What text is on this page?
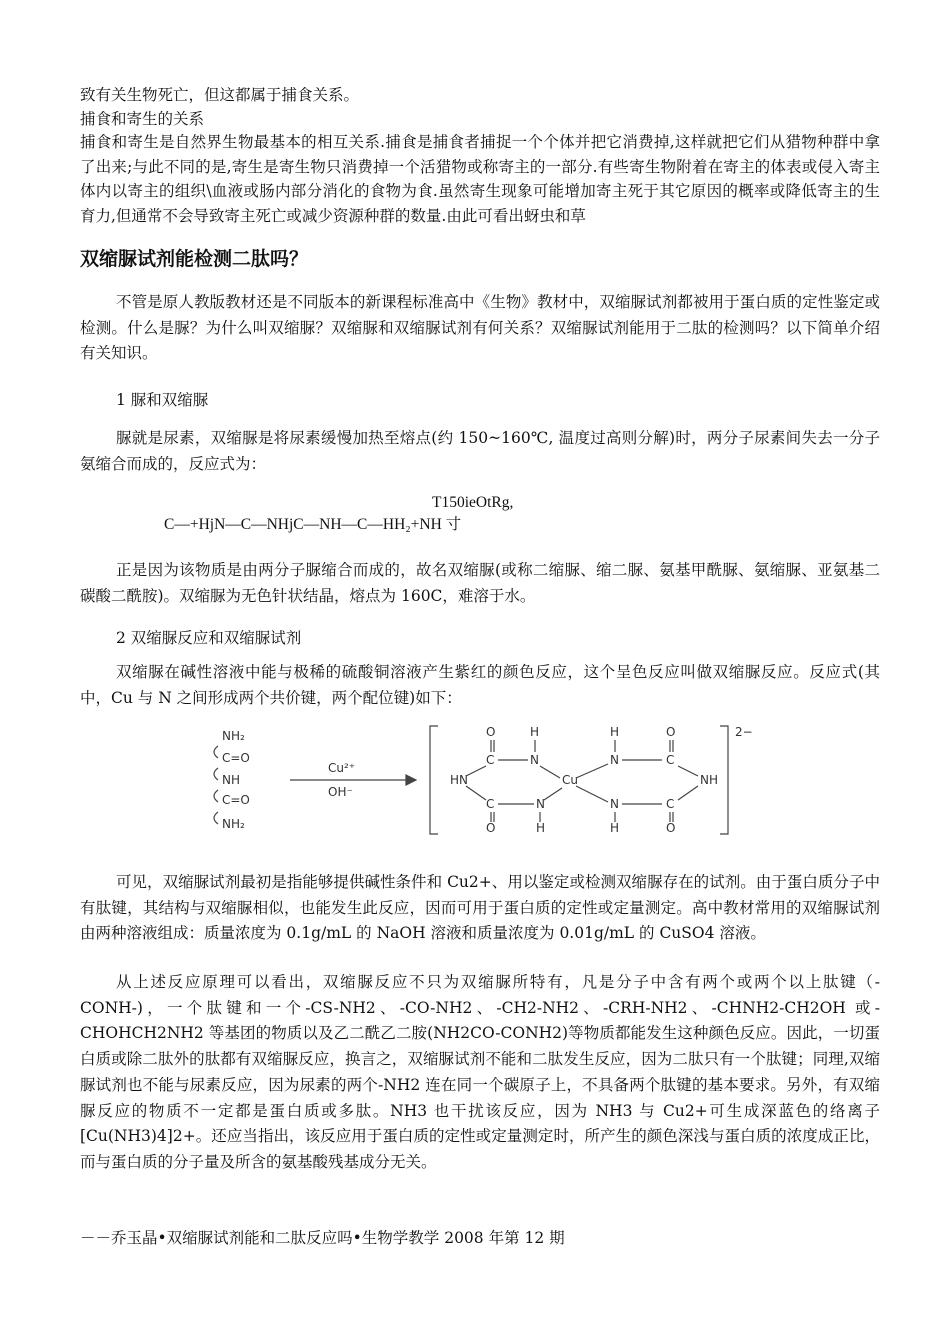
致有关生物死亡，但这都属于捕食关系。
捕食和寄生的关系
捕食和寄生是自然界生物最基本的相互关系.捕食是捕食者捕捉一个个体并把它消费掉,这样就把它们从猎物种群中拿了出来;与此不同的是,寄生是寄生物只消费掉一个活猎物或称寄主的一部分.有些寄生物附着在寄主的体表或侵入寄主体内以寄主的组织\血液或肠内部分消化的食物为食.虽然寄生现象可能增加寄主死于其它原因的概率或降低寄主的生育力,但通常不会导致寄主死亡或减少资源种群的数量.由此可看出蚜虫和草
双缩脲试剂能检测二肽吗？
不管是原人教版教材还是不同版本的新课程标准高中《生物》教材中，双缩脲试剂都被用于蛋白质的定性鉴定或检测。什么是脲？为什么叫双缩脲？双缩脲和双缩脲试剂有何关系？双缩脲试剂能用于二肽的检测吗？以下简单介绍有关知识。
1 脲和双缩脲
脲就是尿素，双缩脲是将尿素缓慢加热至熔点(约 150~160℃, 温度过高则分解)时，两分子尿素间失去一分子氨缩合而成的，反应式为：
T150ieOtRg,
C—+HjN—C—NHjC—NH—C—HH₂+NH 寸
正是因为该物质是由两分子脲缩合而成的，故名双缩脲(或称二缩脲、缩二脲、氨基甲酰脲、氨缩脲、亚氨基二碳酸二酰胺)。双缩脲为无色针状结晶，熔点为 160C，难溶于水。
2 双缩脲反应和双缩脲试剂
双缩脲在碱性溶液中能与极稀的硫酸铜溶液产生紫红的颜色反应，这个呈色反应叫做双缩脲反应。反应式(其中，Cu 与 N 之间形成两个共价键，两个配位键)如下：
NH₂
C=O
NH
C=O
NH₂
Cu²⁺
OH⁻
Cu
2−
O	H	H	O
C	N	N	C
HN	NH
C	N	N	C
O	H	H	O
可见，双缩脲试剂最初是指能够提供碱性条件和 Cu2+、用以鉴定或检测双缩脲存在的试剂。由于蛋白质分子中有肽键，其结构与双缩脲相似，也能发生此反应，因而可用于蛋白质的定性或定量测定。高中教材常用的双缩脲试剂由两种溶液组成：质量浓度为 0.1g/mL 的 NaOH 溶液和质量浓度为 0.01g/mL 的 CuSO4 溶液。
从上述反应原理可以看出，双缩脲反应不只为双缩脲所特有，凡是分子中含有两个或两个以上肽键（-CONH-)，一个肽键和一个-CS-NH2、-CO-NH2、-CH2-NH2、-CRH-NH2、-CHNH2-CH2OH 或-CHOHCH2NH2 等基团的物质以及乙二酰乙二胺(NH2CO-CONH2)等物质都能发生这种颜色反应。因此，一切蛋白质或除二肽外的肽都有双缩脲反应，换言之，双缩脲试剂不能和二肽发生反应，因为二肽只有一个肽键；同理,双缩脲试剂也不能与尿素反应，因为尿素的两个-NH2 连在同一个碳原子上，不具备两个肽键的基本要求。另外，有双缩脲反应的物质不一定都是蛋白质或多肽。NH3 也干扰该反应，因为 NH3 与 Cu2+可生成深蓝色的络离子[Cu(NH3)4]2+。还应当指出，该反应用于蛋白质的定性或定量测定时，所产生的颜色深浅与蛋白质的浓度成正比，而与蛋白质的分子量及所含的氨基酸残基成分无关。
－－乔玉晶•双缩脲试剂能和二肽反应吗•生物学教学 2008 年第 12 期
